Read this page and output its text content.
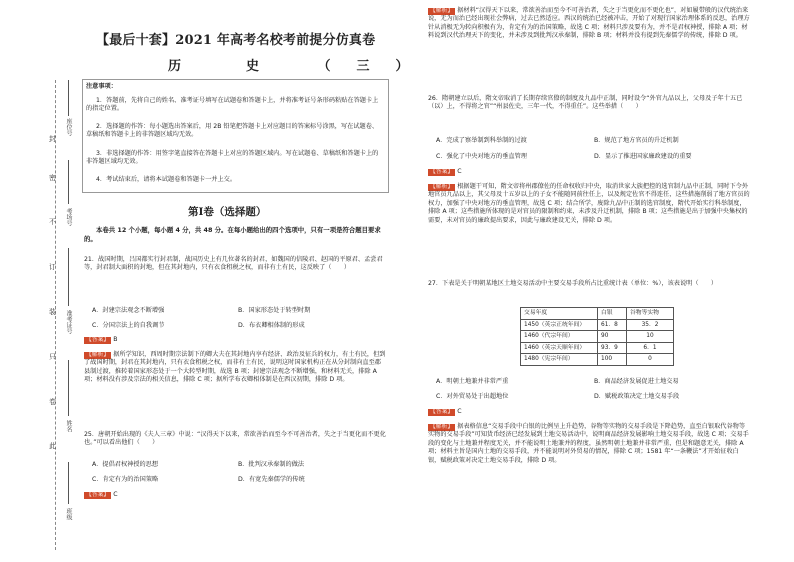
封
密
不
订
装
只
卷
此
座位号
考场号
准考证号
姓名
班级
【最后十套】2021 年高考名校考前提分仿真卷
历　史　（三）
注意事项：
1．答题前，先将自己的姓名、准考证号填写在试题卷和答题卡上，并将准考证号条形码粘贴在答题卡上的指定位置。
2．选择题的作答：每小题选出答案后，用 2B 铅笔把答题卡上对应题目的答案标号涂黑，写在试题卷、草稿纸和答题卡上的非答题区域均无效。
3．非选择题的作答：用签字笔直接答在答题卡上对应的答题区域内。写在试题卷、草稿纸和答题卡上的非答题区域均无效。
4．考试结束后，请将本试题卷和答题卡一并上交。
第Ⅰ卷（选择题）
本卷共 12 个小题，每小题 4 分，共 48 分。在每小题给出的四个选项中，只有一项是符合题目要求的。
21．战国时期，吕国都实行封君制，战国历史上有几位著名的封君，如魏国的信陵君、赵国的平原君、孟尝君等，封君制大面积的封地，但在其封地内，只有衣食租税之权，而非有土有民，这反映了（　　）
A．封建宗法观念不断增强	B．国家形态处于转型时期
C．分国宗法上的自我调节	D．布衣卿相体制的形成
【答案】 B
【解析】 据所学知识，西周时期宗法制下的卿大夫在其封地内享有经济、政治及征兵的权力，有土有民，但到了战国时期，封君在其封地内，只有衣食租税之权，而非有土有民，说明这时国家机构正在从分封制向直至郡县制过渡，推转着国家形态处于一个大转型时期，故选 B 项；封建宗法观念不断增强，和材料无关，排除 A 项；材料没有涉及宗法的相关信息，排除 C 项；据所学布衣卿相体制是在西汉初期，排除 D 项。
25．唐朝开始出现的《夫人三章》中说：“汉得天下以来，常欲善治而至今不可善治者，失之于当更化而不更化也。”可以看出他们（　　）
A．提倡君权神授的思想	B．批判汉承秦制的做法
C．肯定有为的治国策略	D．有宽先秦儒学的传统
【答案】 C
【解析】 据材料“汉得天下以来，常欲善治而至今不可善治者，失之于当更化而不更化也”，对如履带般的汉代统治来说，无为而治已经出现社会弊病，过去已然适应。西汉的统治已经被冲击，开始了对现行国家治理体系的反思，治理方针从消极无为转向积极有为，肯定有为的治国策略，故选 C 项；材料只涉及要有为，并不是君权神授，排除 A 项；材料说到汉代治理天下的变化，并未涉及到批判汉承秦制，排除 B 项；材料并没有提到先秦儒学的传统，排除 D 项。
26．隋朝建立以后，隋文帝取消了长期存续官僚的制度及九品中正制，同时设令“外官九品以上，父母及子年十五已（以）上，不得将之官”“州县佐史，三年一代，不得重任”。这些举措（　　）
A．完成了察举制到科举制的过渡	B．规范了地方官员的升迁机制
C．强化了中央对地方的垂直管理	D．显示了推进国家廉政建设的重要
【答案】 C
【解析】 根据题干可知，隋文帝将州郡僚佐的任命权收归中央，取消世家大族把控的选官制九品中正制，同时下令外地官员九品以上，其父母及十五岁以上的子女不能随同前往任上，以及规定佐官不得连任，这些措施削弱了地方官员的权力，加强了中央对地方的垂直管理，故选 C 项；结合所学，废除九品中正制的选官制度，隋代开始实行科举制度，排除 A 项；这些措施所体现的是对官员的限制和约束，未涉及升迁机制，排除 B 项；这些措施是出于加强中央集权的需要，未对官员的廉政提出要求，因此与廉政建设无关，排除 D 项。
27．下表是关于明朝某地区土地交易活动中主要交易手段所占比重统计表（单位：%），该表说明（　　）
交易年度	白银	谷物等实物
1450（英宗正统年间）	61．8	35．2
1460（代宗年间）	90	10
1460（英宗天顺年间）	93．9	6．1
1480（宪宗年间）	100	0
A．明朝土地兼并非常严重	B．商品经济发展促进土地交易
C．对外贸易处于出超地位	D．赋税政策决定土地交易手段
【答案】 C
【解析】 据表格信息“交易手段中白银的比例呈上升趋势，谷物等实物的交易手段是下降趋势，直至白银取代谷物等实物的交易手段”可知货币经济已经发展到土地交易活动中，说明商品经济发展影响土地交易手段，故选 C 项；交易手段的变化与土地兼并程度无关，并不能说明土地兼并的程度，虽然明朝土地兼并非常严重，但是和题意无关，排除 A 项；材料主旨是国内土地的交易手段，并不能说明对外贸易的情况，排除 C 项；1581 年“一条鞭法”才开始征收白银，赋税政策对决定土地交易手段，排除 D 项。
